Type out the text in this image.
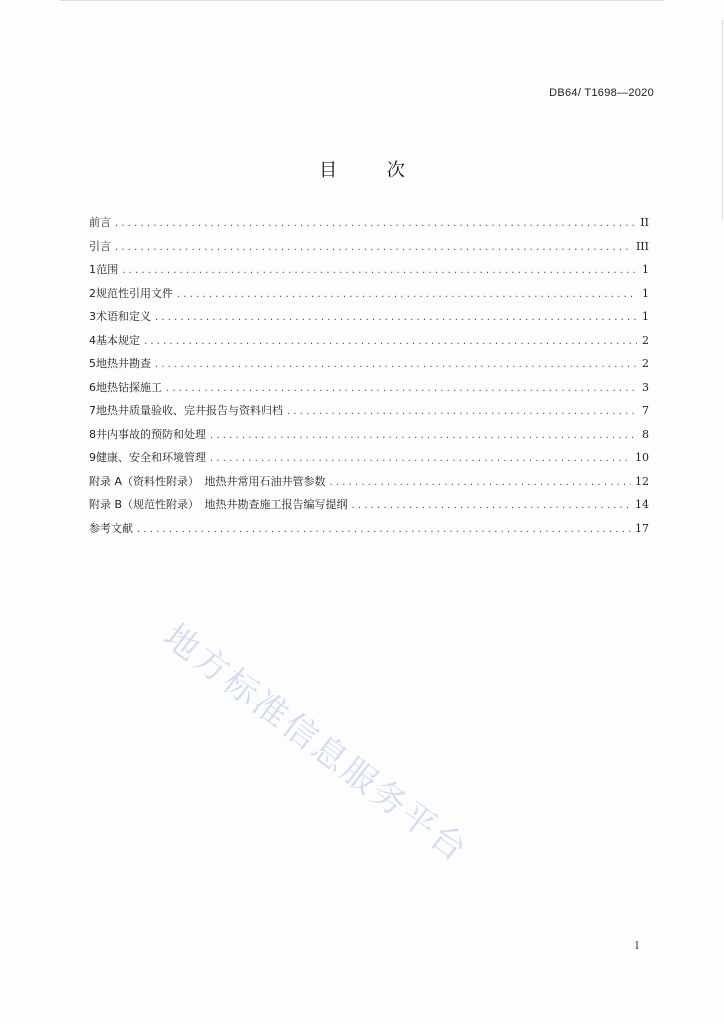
DB64/ T1698—2020
目 次
前言 .....	II
引言 .....	III
1 范围 .....	1
2 规范性引用文件 .....	1
3 术语和定义 .....	1
4 基本规定 .....	2
5 地热井勘查 .....	2
6 地热钻探施工 .....	3
7 地热井质量验收、完井报告与资料归档 .....	7
8 井内事故的预防和处理 .....	8
9 健康、安全和环境管理 .....	10
附录 A（资料性附录）　地热井常用石油井管参数 .....	12
附录 B（规范性附录）　地热井勘查施工报告编写提纲 .....	14
参考文献 .....	17
地方标准信息服务平台
I
